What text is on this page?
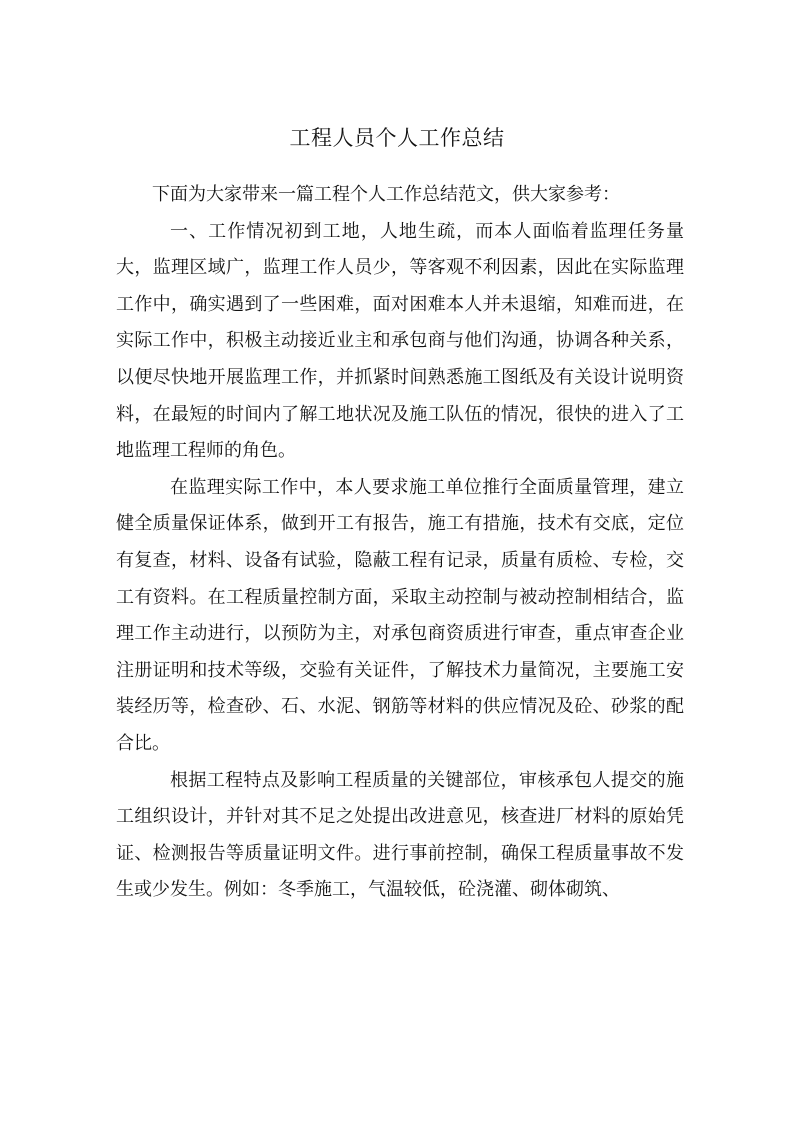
工程人员个人工作总结

下面为大家带来一篇工程个人工作总结范文，供大家参考：

一、工作情况初到工地，人地生疏，而本人面临着监理任务量大，监理区域广，监理工作人员少，等客观不利因素，因此在实际监理工作中，确实遇到了一些困难，面对困难本人并未退缩，知难而进，在实际工作中，积极主动接近业主和承包商与他们沟通，协调各种关系，以便尽快地开展监理工作，并抓紧时间熟悉施工图纸及有关设计说明资料，在最短的时间内了解工地状况及施工队伍的情况，很快的进入了工地监理工程师的角色。

在监理实际工作中，本人要求施工单位推行全面质量管理，建立健全质量保证体系，做到开工有报告，施工有措施，技术有交底，定位有复查，材料、设备有试验，隐蔽工程有记录，质量有质检、专检，交工有资料。在工程质量控制方面，采取主动控制与被动控制相结合，监理工作主动进行，以预防为主，对承包商资质进行审查，重点审查企业注册证明和技术等级，交验有关证件，了解技术力量简况，主要施工安装经历等，检查砂、石、水泥、钢筋等材料的供应情况及砼、砂浆的配合比。

根据工程特点及影响工程质量的关键部位，审核承包人提交的施工组织设计，并针对其不足之处提出改进意见，核查进厂材料的原始凭证、检测报告等质量证明文件。进行事前控制，确保工程质量事故不发生或少发生。例如：冬季施工，气温较低，砼浇灌、砌体砌筑、
